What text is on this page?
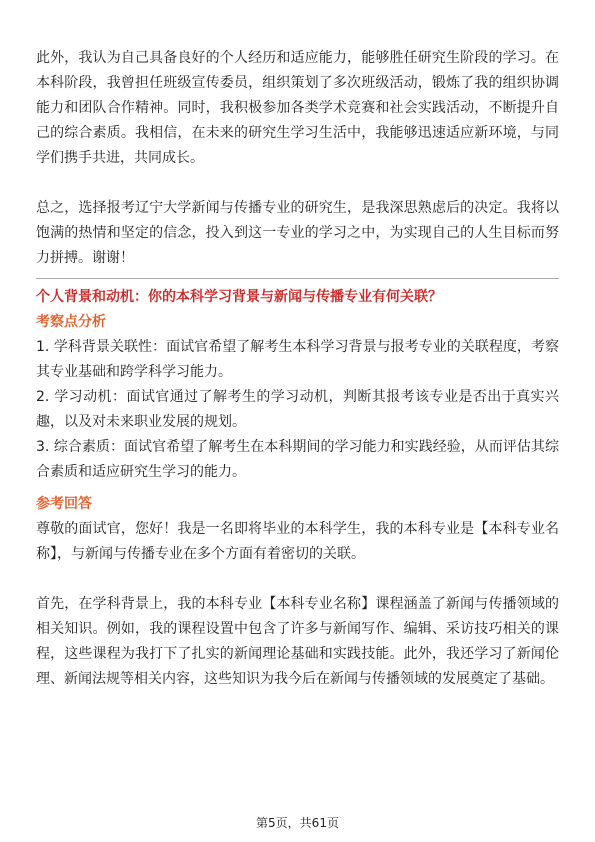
此外，我认为自己具备良好的个人经历和适应能力，能够胜任研究生阶段的学习。在本科阶段，我曾担任班级宣传委员，组织策划了多次班级活动，锻炼了我的组织协调能力和团队合作精神。同时，我积极参加各类学术竞赛和社会实践活动，不断提升自己的综合素质。我相信，在未来的研究生学习生活中，我能够迅速适应新环境，与同学们携手共进，共同成长。

总之，选择报考辽宁大学新闻与传播专业的研究生，是我深思熟虑后的决定。我将以饱满的热情和坚定的信念，投入到这一专业的学习之中，为实现自己的人生目标而努力拼搏。谢谢！

个人背景和动机：你的本科学习背景与新闻与传播专业有何关联？
考察点分析

1. 学科背景关联性：面试官希望了解考生本科学习背景与报考专业的关联程度，考察其专业基础和跨学科学习能力。

2. 学习动机：面试官通过了解考生的学习动机，判断其报考该专业是否出于真实兴趣，以及对未来职业发展的规划。

3. 综合素质：面试官希望了解考生在本科期间的学习能力和实践经验，从而评估其综合素质和适应研究生学习的能力。

参考回答

尊敬的面试官，您好！我是一名即将毕业的本科学生，我的本科专业是【本科专业名称】，与新闻与传播专业在多个方面有着密切的关联。

首先，在学科背景上，我的本科专业【本科专业名称】课程涵盖了新闻与传播领域的相关知识。例如，我的课程设置中包含了许多与新闻写作、编辑、采访技巧相关的课程，这些课程为我打下了扎实的新闻理论基础和实践技能。此外，我还学习了新闻伦理、新闻法规等相关内容，这些知识为我今后在新闻与传播领域的发展奠定了基础。

第5页，共61页
